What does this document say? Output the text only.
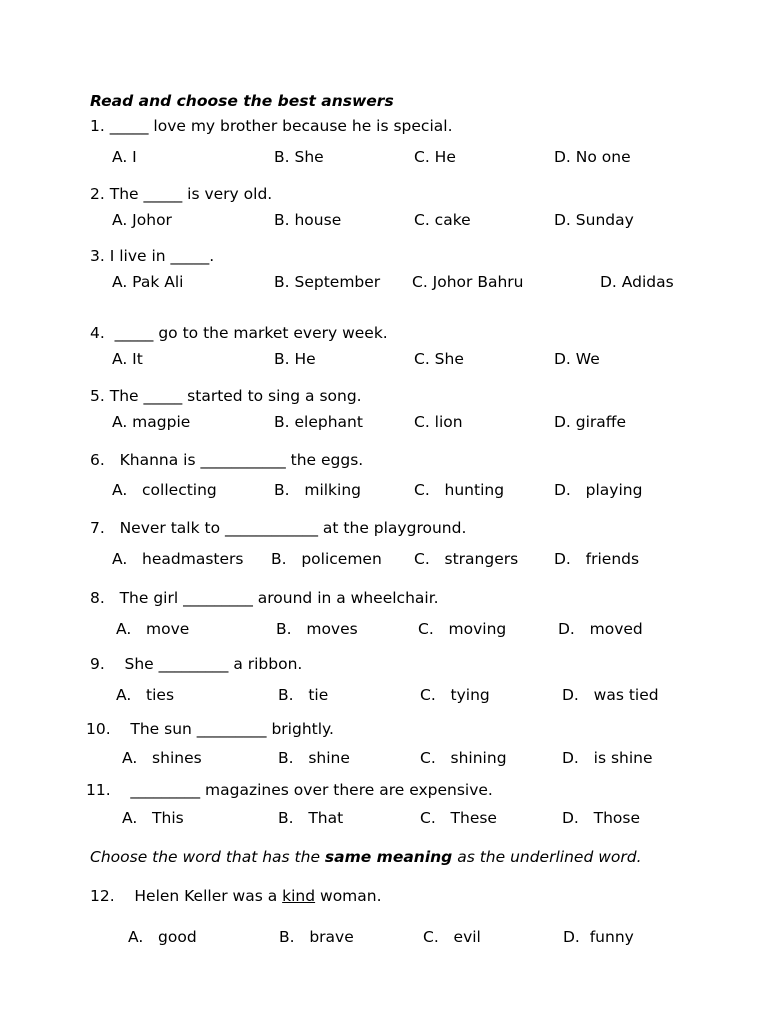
Read and choose the best answers
1. _____ love my brother because he is special.
A. I	B. She	C. He	D. No one
2. The _____ is very old.
A. Johor	B. house	C. cake	D. Sunday
3. I live in _____.
A. Pak Ali	B. September C. Johor Bahru	D. Adidas
4. _____ go to the market every week.
A. It	B. He	C. She	D. We
5. The _____ started to sing a song.
A. magpie	B. elephant	C. lion	D. giraffe
6. Khanna is ___________ the eggs.
A.   collecting	B.   milking	C.   hunting	D.   playing
7. Never talk to ____________ at the playground.
A.   headmasters B.   policemen C.   strangers D.   friends
8. The girl _________ around in a wheelchair.
A.   move	B.   moves	C.   moving	D.   moved
9. She _________ a ribbon.
A.   ties	B.   tie	C.   tying	D.   was tied
10. The sun _________ brightly.
A.   shines	B.   shine	C.   shining	D.   is shine
11. _________ magazines over there are expensive.
A.   This	B.   That	C.   These	D.   Those
Choose the word that has the same meaning as the underlined word.
12. Helen Keller was a kind woman.
A.   good	B.   brave	C.   evil	D.  funny
